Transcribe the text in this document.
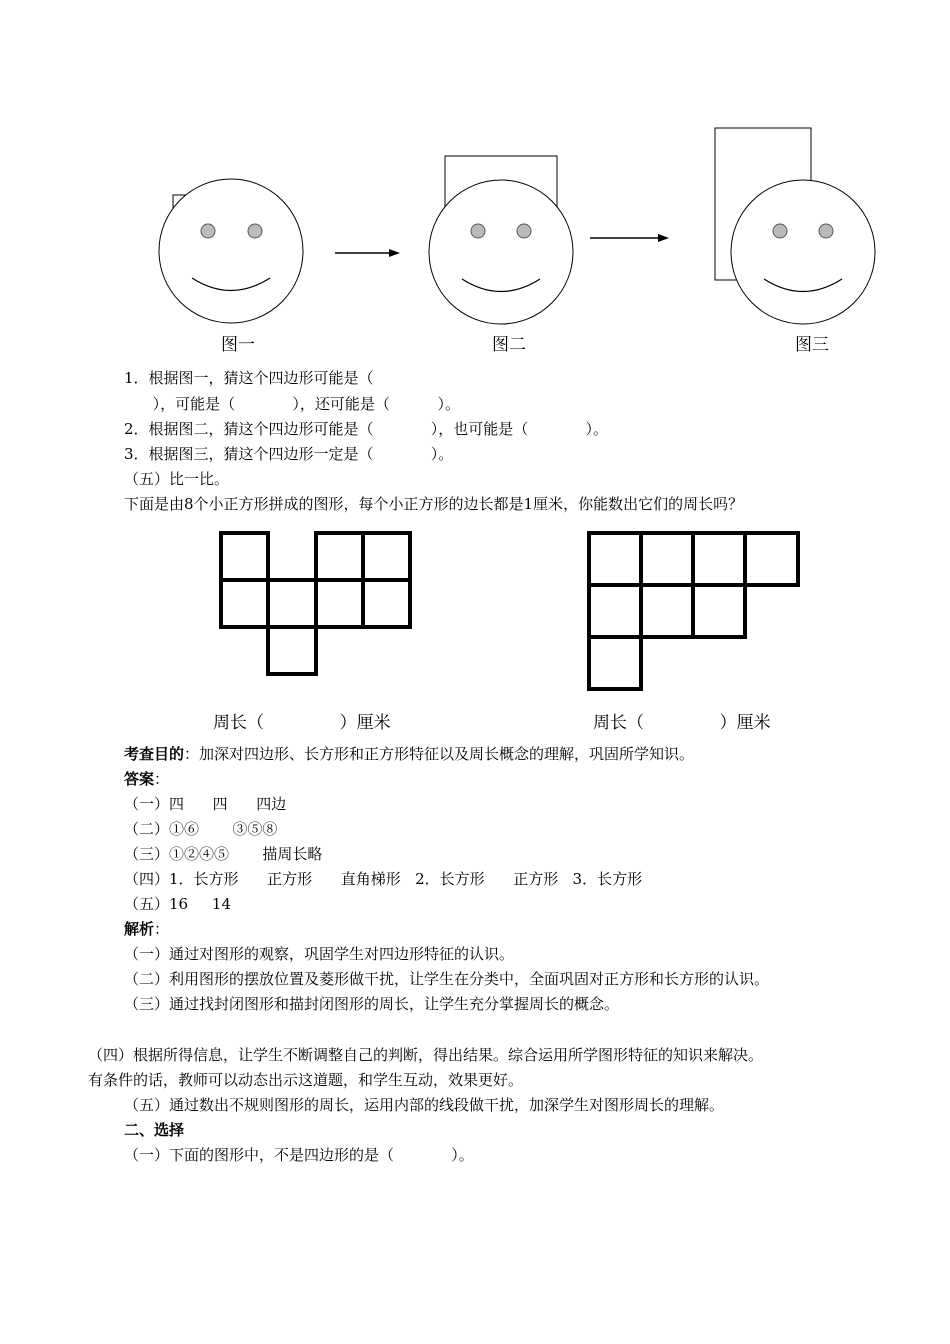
图一	图二	图三
1．根据图一，猜这个四边形可能是（
），可能是（            ），还可能是（          ）。
2．根据图二，猜这个四边形可能是（            ），也可能是（            ）。
3．根据图三，猜这个四边形一定是（            ）。
（五）比一比。
下面是由8个小正方形拼成的图形，每个小正方形的边长都是1厘米，你能数出它们的周长吗？
周长（              ）厘米	周长（              ）厘米
考查目的：加深对四边形、长方形和正方形特征以及周长概念的理解，巩固所学知识。
答案：
（一）四      四      四边
（二）①⑥       ③⑤⑧
（三）①②④⑤       描周长略
（四）1．长方形      正方形      直角梯形   2．长方形      正方形   3．长方形
（五）16     14
解析：
（一）通过对图形的观察，巩固学生对四边形特征的认识。
（二）利用图形的摆放位置及菱形做干扰，让学生在分类中，全面巩固对正方形和长方形的认识。
（三）通过找封闭图形和描封闭图形的周长，让学生充分掌握周长的概念。
（四）根据所得信息，让学生不断调整自己的判断，得出结果。综合运用所学图形特征的知识来解决。
有条件的话，教师可以动态出示这道题，和学生互动，效果更好。
（五）通过数出不规则图形的周长，运用内部的线段做干扰，加深学生对图形周长的理解。
二、选择
（一）下面的图形中，不是四边形的是（            ）。
